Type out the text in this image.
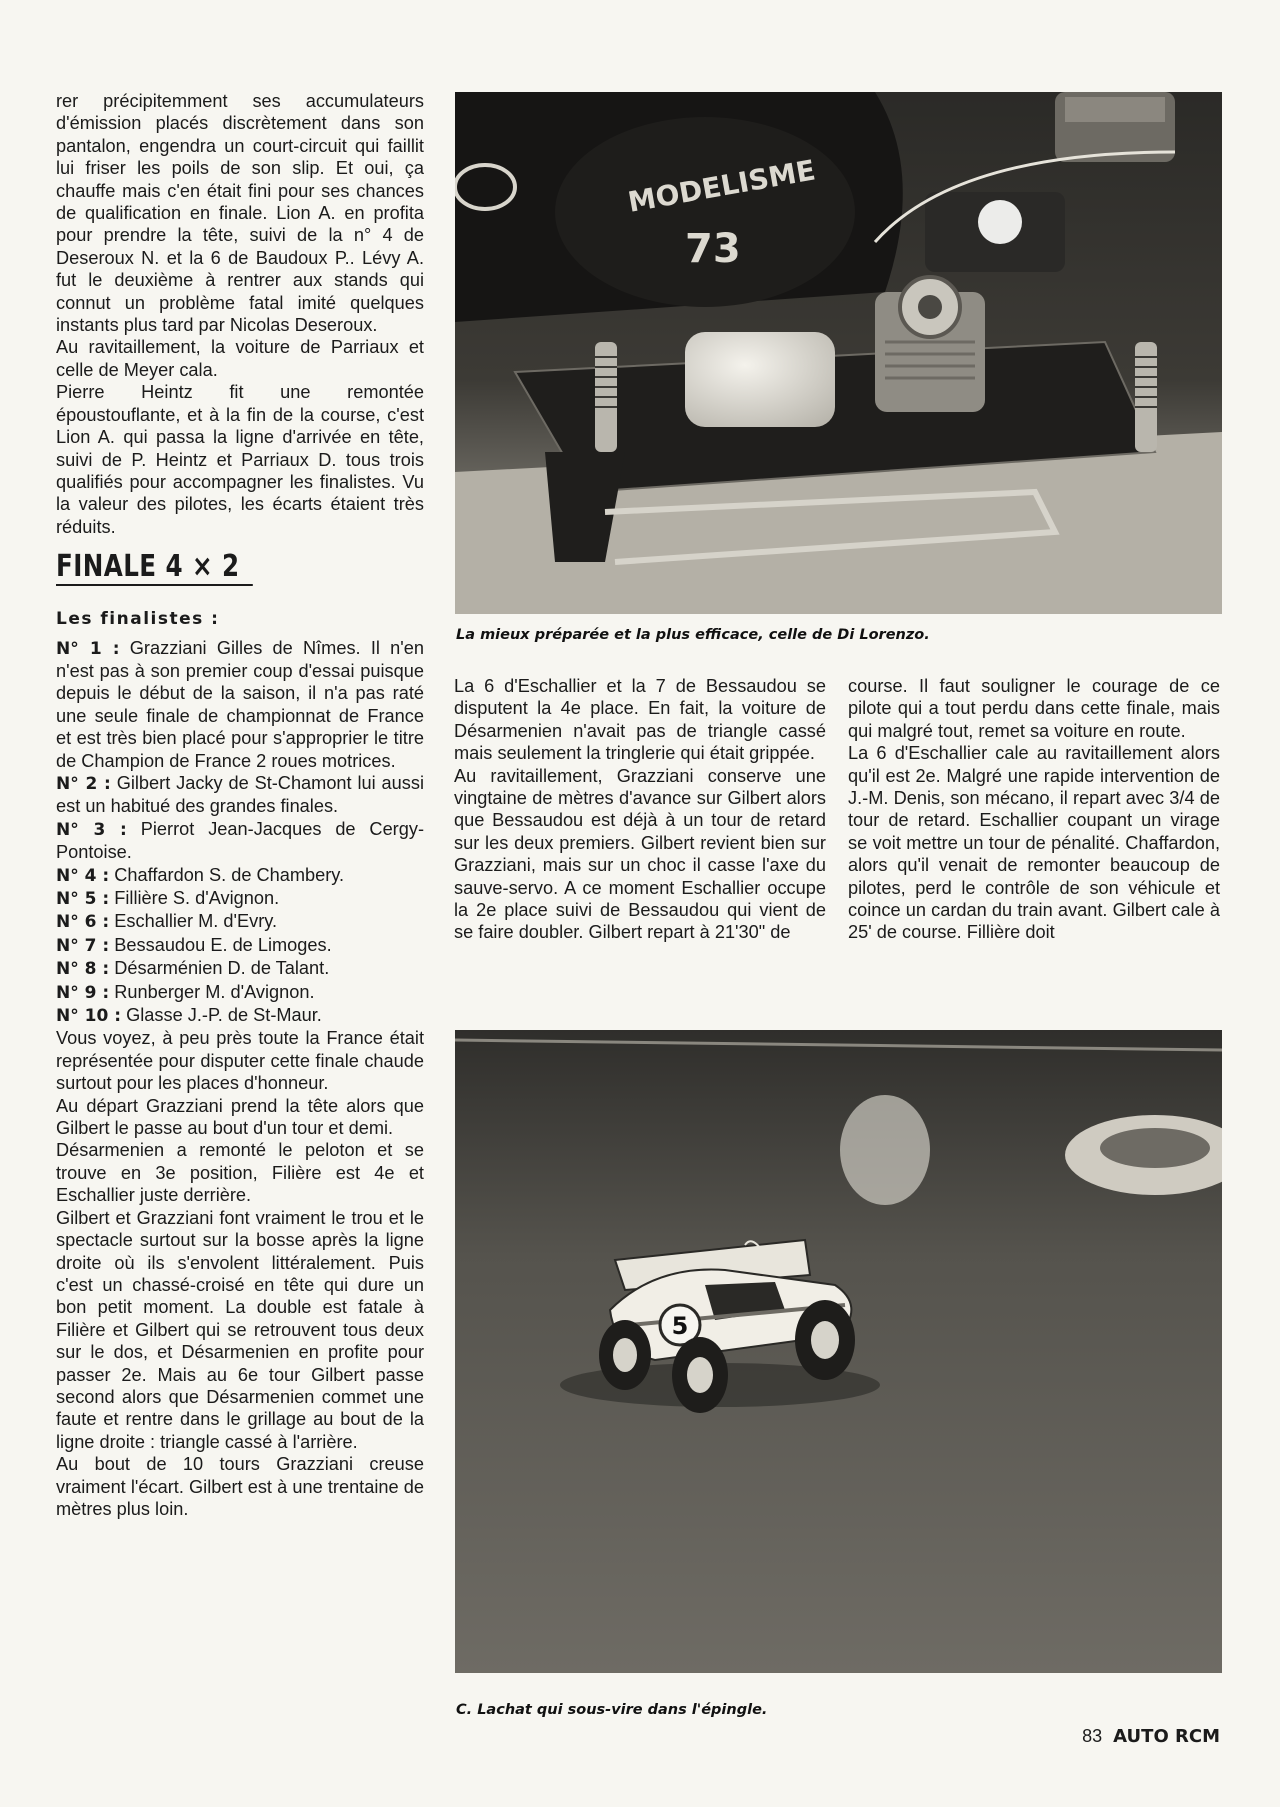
rer précipitemment ses accumulateurs d'émission placés discrètement dans son pantalon, engendra un court-circuit qui faillit lui friser les poils de son slip. Et oui, ça chauffe mais c'en était fini pour ses chances de qualification en finale. Lion A. en profita pour prendre la tête, suivi de la n° 4 de Deseroux N. et la 6 de Baudoux P.. Lévy A. fut le deuxième à rentrer aux stands qui connut un problème fatal imité quelques instants plus tard par Nicolas Deseroux.

Au ravitaillement, la voiture de Parriaux et celle de Meyer cala.

Pierre Heintz fit une remontée époustouflante, et à la fin de la course, c'est Lion A. qui passa la ligne d'arrivée en tête, suivi de P. Heintz et Parriaux D. tous trois qualifiés pour accompagner les finalistes. Vu la valeur des pilotes, les écarts étaient très réduits.

FINALE 4 × 2
Les finalistes :

N° 1 : Grazziani Gilles de Nîmes. Il n'en n'est pas à son premier coup d'essai puisque depuis le début de la saison, il n'a pas raté une seule finale de championnat de France et est très bien placé pour s'approprier le titre de Champion de France 2 roues motrices.

N° 2 : Gilbert Jacky de St-Chamont lui aussi est un habitué des grandes finales.

N° 3 : Pierrot Jean-Jacques de Cergy-Pontoise.

N° 4 : Chaffardon S. de Chambery.

N° 5 : Fillière S. d'Avignon.

N° 6 : Eschallier M. d'Evry.

N° 7 : Bessaudou E. de Limoges.

N° 8 : Désarménien D. de Talant.

N° 9 : Runberger M. d'Avignon.

N° 10 : Glasse J.-P. de St-Maur.

Vous voyez, à peu près toute la France était représentée pour disputer cette finale chaude surtout pour les places d'honneur.

Au départ Grazziani prend la tête alors que Gilbert le passe au bout d'un tour et demi.

Désarmenien a remonté le peloton et se trouve en 3e position, Filière est 4e et Eschallier juste derrière.

Gilbert et Grazziani font vraiment le trou et le spectacle surtout sur la bosse après la ligne droite où ils s'envolent littéralement. Puis c'est un chassé-croisé en tête qui dure un bon petit moment. La double est fatale à Filière et Gilbert qui se retrouvent tous deux sur le dos, et Désarmenien en profite pour passer 2e. Mais au 6e tour Gilbert passe second alors que Désarmenien commet une faute et rentre dans le grillage au bout de la ligne droite : triangle cassé à l'arrière.

Au bout de 10 tours Grazziani creuse vraiment l'écart. Gilbert est à une trentaine de mètres plus loin.

MODELISME
73
La mieux préparée et la plus efficace, celle de Di Lorenzo.

La 6 d'Eschallier et la 7 de Bessaudou se disputent la 4e place. En fait, la voiture de Désarmenien n'avait pas de triangle cassé mais seulement la tringlerie qui était grippée.

Au ravitaillement, Grazziani conserve une vingtaine de mètres d'avance sur Gilbert alors que Bessaudou est déjà à un tour de retard sur les deux premiers. Gilbert revient bien sur Grazziani, mais sur un choc il casse l'axe du sauve-servo. A ce moment Eschallier occupe la 2e place suivi de Bessaudou qui vient de se faire doubler. Gilbert repart à 21'30" de

course. Il faut souligner le courage de ce pilote qui a tout perdu dans cette finale, mais qui malgré tout, remet sa voiture en route.

La 6 d'Eschallier cale au ravitaillement alors qu'il est 2e. Malgré une rapide intervention de J.-M. Denis, son mécano, il repart avec 3/4 de tour de retard. Eschallier coupant un virage se voit mettre un tour de pénalité. Chaffardon, alors qu'il venait de remonter beaucoup de pilotes, perd le contrôle de son véhicule et coince un cardan du train avant. Gilbert cale à 25' de course. Fillière doit

5
C. Lachat qui sous-vire dans l'épingle.
83 AUTO RCM
